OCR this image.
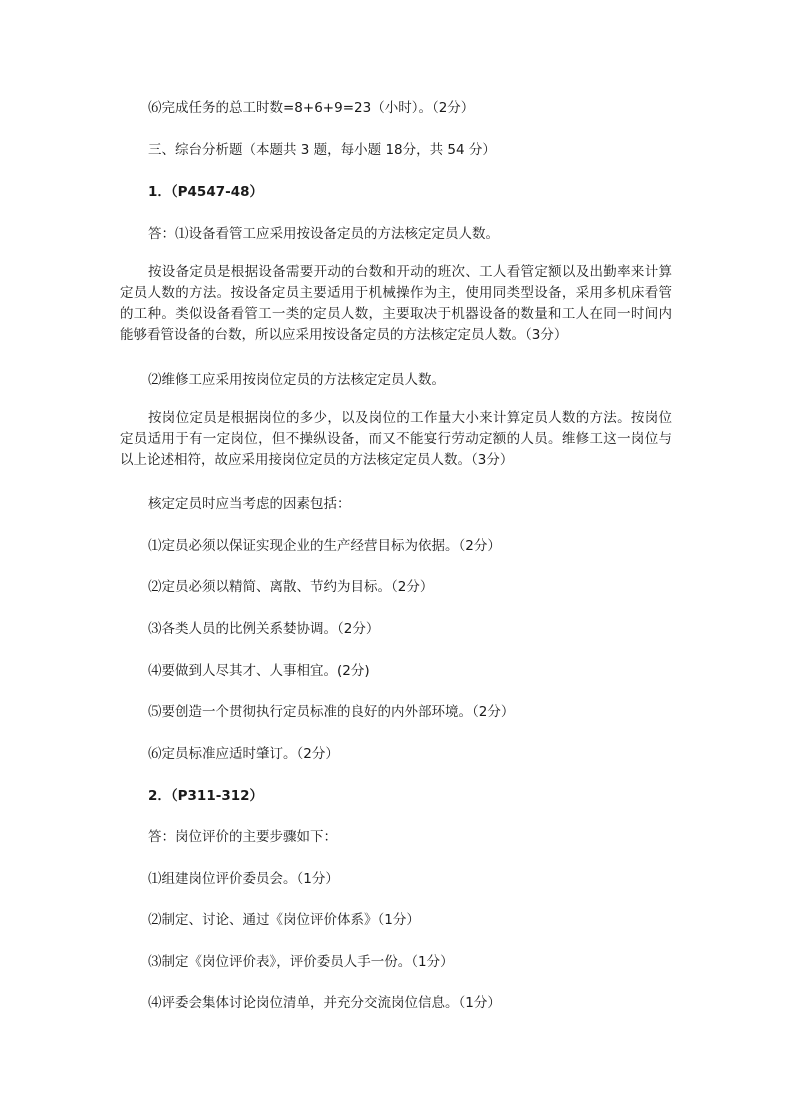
⑹完成任务的总工时数=8+6+9=23（小时）。（2分）
三、综台分析题（本题共 3 题，每小题 18分，共 54 分）
1．（P4547-48）
答：⑴设备看管工应采用按设备定员的方法核定定员人数。
按设备定员是根据设备需要开动的台数和开动的班次、工人看管定额以及出勤率来计算定员人数的方法。按设备定员主要适用于机械操作为主，使用同类型设备，采用多机床看管的工种。类似设备看管工一类的定员人数，主要取决于机器设备的数量和工人在同一时间内能够看管设备的台数，所以应采用按设备定员的方法核定定员人数。（3分）
⑵维修工应采用按岗位定员的方法核定定员人数。
按岗位定员是根据岗位的多少，以及岗位的工作量大小来计算定员人数的方法。按岗位定员适用于有一定岗位，但不操纵设备，而又不能宴行劳动定额的人员。维修工这一岗位与以上论述相符，故应采用接岗位定员的方法核定定员人数。（3分）
核定定员时应当考虑的因素包括：
⑴定员必须以保证实现企业的生产经营目标为依据。（2分）
⑵定员必须以精简、离散、节约为目标。（2分）
⑶各类人员的比例关系婪协调。（2分）
⑷要做到人尽其才、人事相宜。(2分)
⑸要创造一个贯彻执行定员标准的良好的内外部环境。（2分）
⑹定员标准应适时肇订。（2分）
2．（P311-312）
答：岗位评价的主要步骤如下：
⑴组建岗位评价委员会。（1分）
⑵制定、讨论、通过《岗位评价体系》（1分）
⑶制定《岗位评价表》，评价委员人手一份。（1分）
⑷评委会集体讨论岗位清单，并充分交流岗位信息。（1分）
